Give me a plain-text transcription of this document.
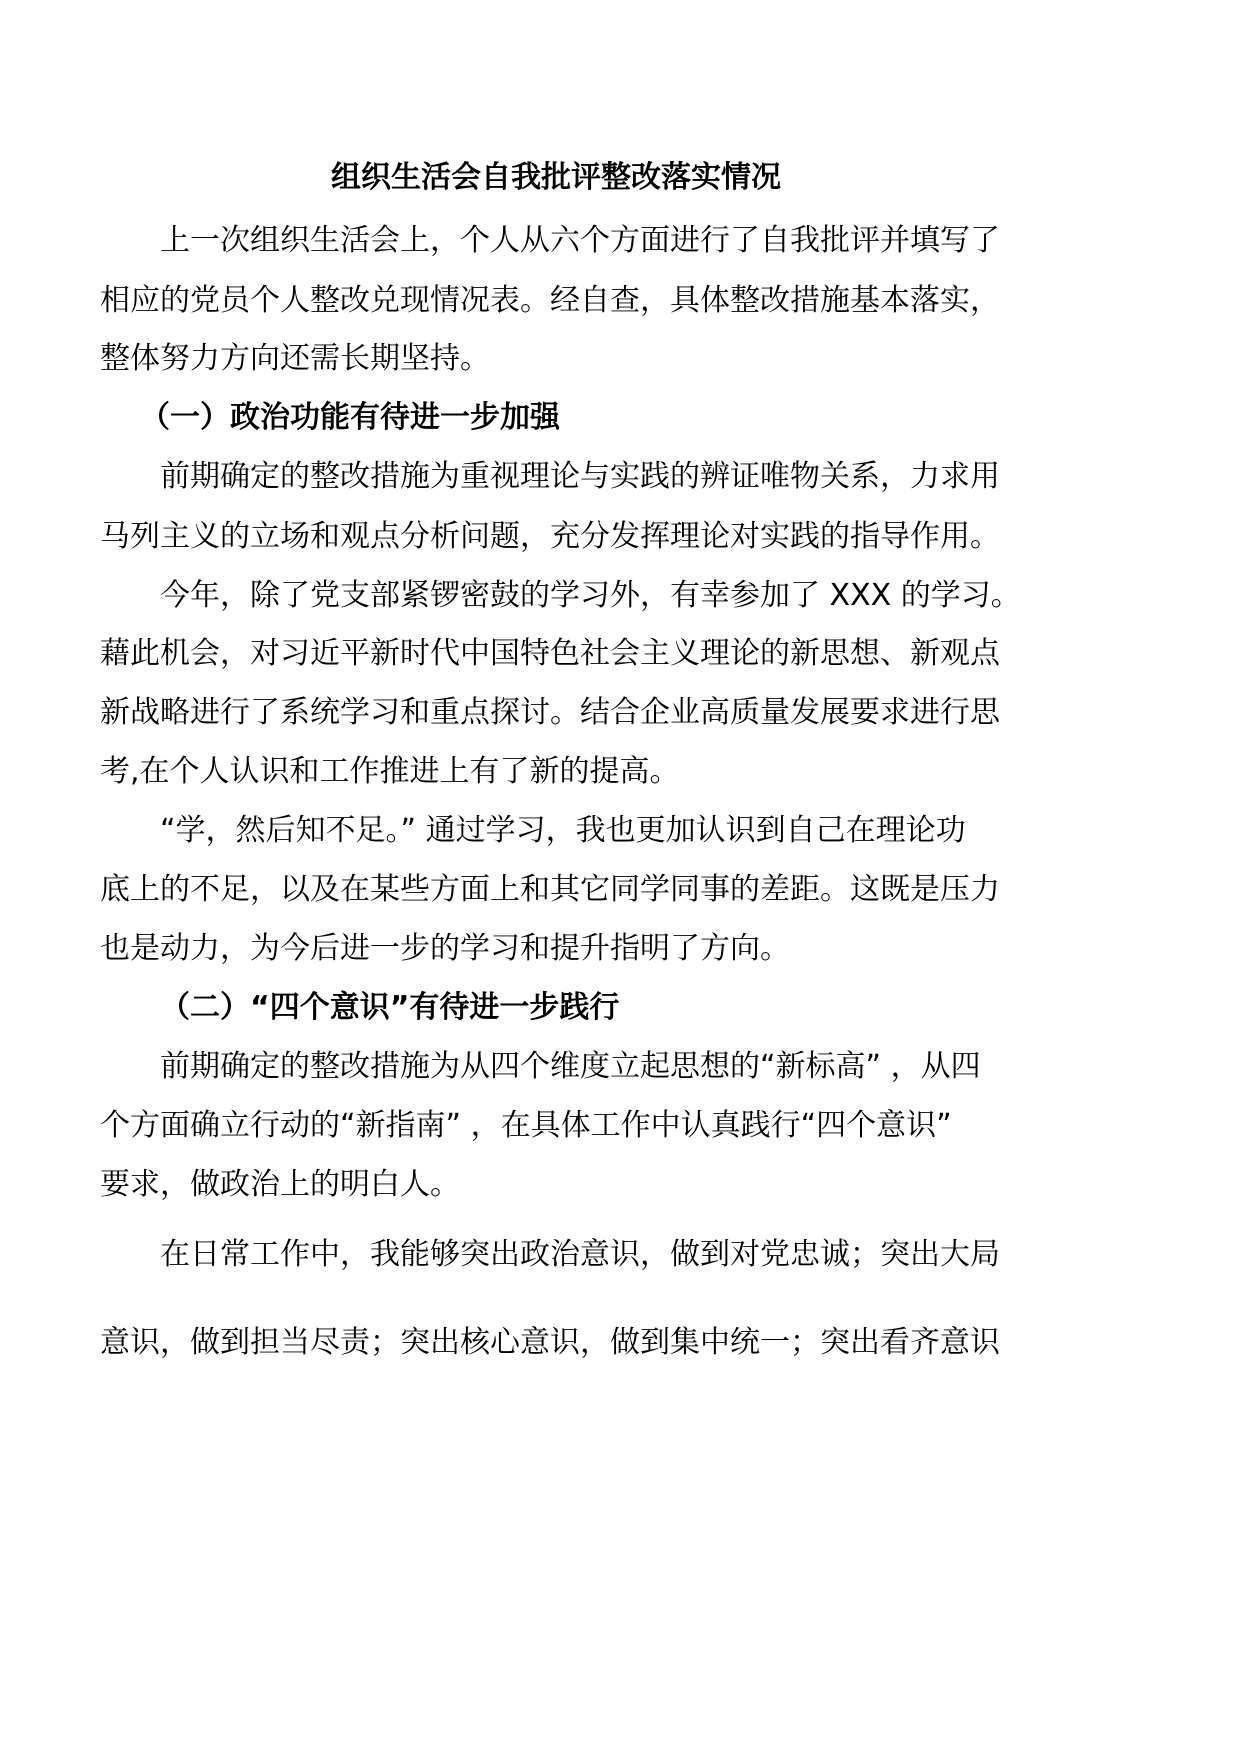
组织生活会自我批评整改落实情况

上一次组织生活会上，个人从六个方面进行了自我批评并填写了

相应的党员个人整改兑现情况表。经自查，具体整改措施基本落实，

整体努力方向还需长期坚持。

（一）政治功能有待进一步加强

前期确定的整改措施为重视理论与实践的辨证唯物关系，力求用

马列主义的立场和观点分析问题，充分发挥理论对实践的指导作用。

今年，除了党支部紧锣密鼓的学习外，有幸参加了 XXX 的学习。

藉此机会，对习近平新时代中国特色社会主义理论的新思想、新观点

新战略进行了系统学习和重点探讨。结合企业高质量发展要求进行思

考,在个人认识和工作推进上有了新的提高。

“学，然后知不足。” 通过学习，我也更加认识到自己在理论功

底上的不足，以及在某些方面上和其它同学同事的差距。这既是压力

也是动力，为今后进一步的学习和提升指明了方向。

（二）“四个意识”有待进一步践行

前期确定的整改措施为从四个维度立起思想的“新标高” ，从四

个方面确立行动的“新指南” ，在具体工作中认真践行“四个意识”

要求，做政治上的明白人。

在日常工作中，我能够突出政治意识，做到对党忠诚；突出大局

意识，做到担当尽责；突出核心意识，做到集中统一；突出看齐意识
